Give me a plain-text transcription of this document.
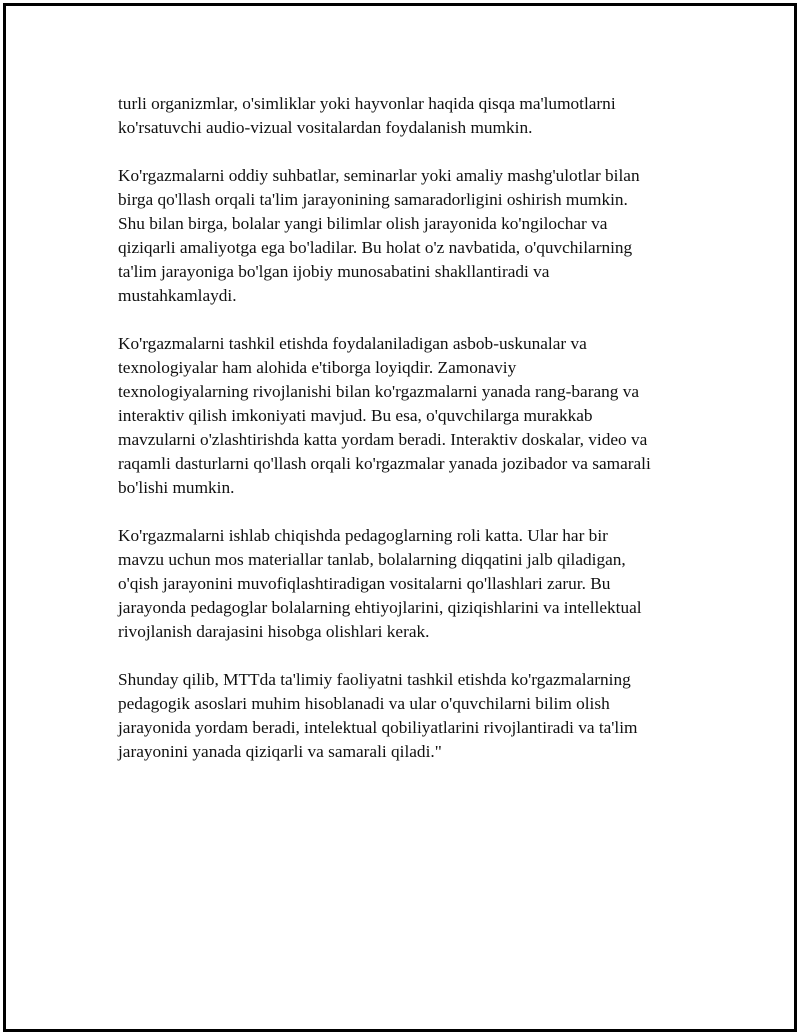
turli organizmlar, o'simliklar yoki hayvonlar haqida qisqa ma'lumotlarni
ko'rsatuvchi audio-vizual vositalardan foydalanish mumkin.

Ko'rgazmalarni oddiy suhbatlar, seminarlar yoki amaliy mashg'ulotlar bilan
birga qo'llash orqali ta'lim jarayonining samaradorligini oshirish mumkin.
Shu bilan birga, bolalar yangi bilimlar olish jarayonida ko'ngilochar va
qiziqarli amaliyotga ega bo'ladilar. Bu holat o'z navbatida, o'quvchilarning
ta'lim jarayoniga bo'lgan ijobiy munosabatini shakllantiradi va
mustahkamlaydi.

Ko'rgazmalarni tashkil etishda foydalaniladigan asbob-uskunalar va
texnologiyalar ham alohida e'tiborga loyiqdir. Zamonaviy
texnologiyalarning rivojlanishi bilan ko'rgazmalarni yanada rang-barang va
interaktiv qilish imkoniyati mavjud. Bu esa, o'quvchilarga murakkab
mavzularni o'zlashtirishda katta yordam beradi. Interaktiv doskalar, video va
raqamli dasturlarni qo'llash orqali ko'rgazmalar yanada jozibador va samarali
bo'lishi mumkin.

Ko'rgazmalarni ishlab chiqishda pedagoglarning roli katta. Ular har bir
mavzu uchun mos materiallar tanlab, bolalarning diqqatini jalb qiladigan,
o'qish jarayonini muvofiqlashtiradigan vositalarni qo'llashlari zarur. Bu
jarayonda pedagoglar bolalarning ehtiyojlarini, qiziqishlarini va intellektual
rivojlanish darajasini hisobga olishlari kerak.

Shunday qilib, MTTda ta'limiy faoliyatni tashkil etishda ko'rgazmalarning
pedagogik asoslari muhim hisoblanadi va ular o'quvchilarni bilim olish
jarayonida yordam beradi, intelektual qobiliyatlarini rivojlantiradi va ta'lim
jarayonini yanada qiziqarli va samarali qiladi."
